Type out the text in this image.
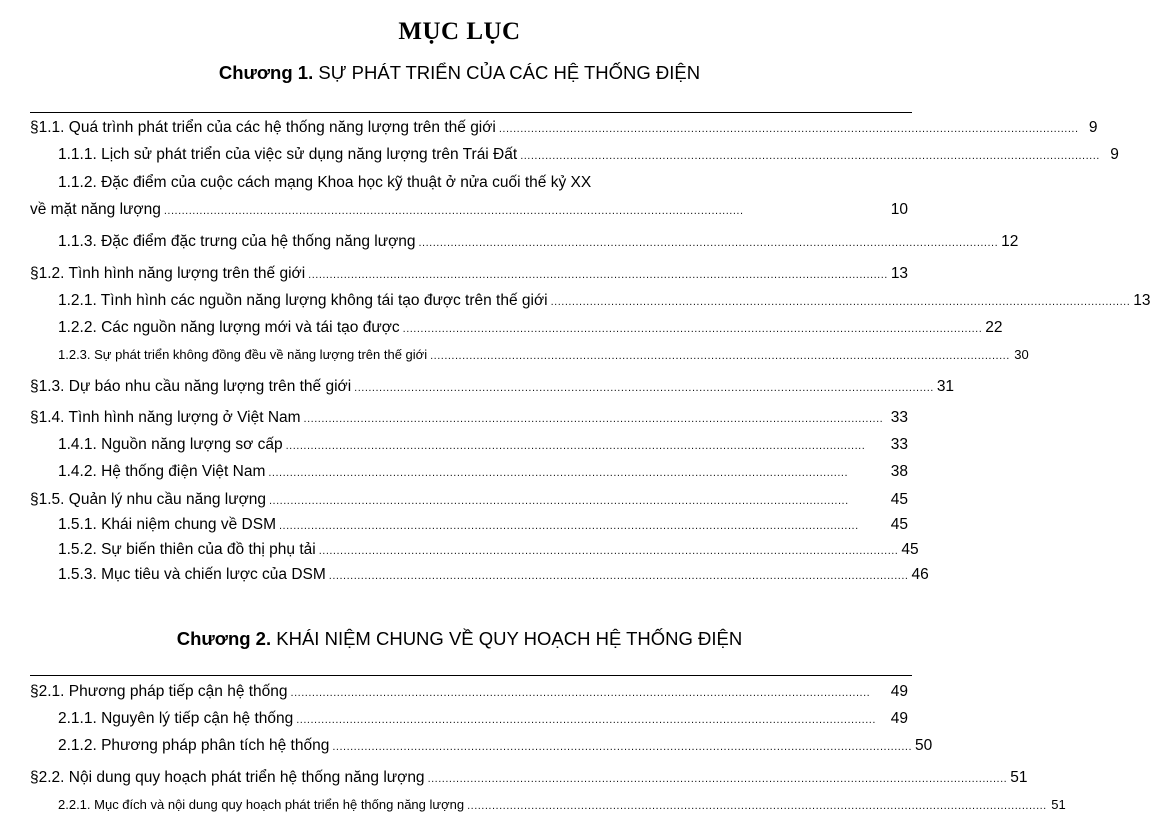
MỤC LỤC
Chương 1. SỰ PHÁT TRIỂN CỦA CÁC HỆ THỐNG ĐIỆN
§1.1. Quá trình phát triển của các hệ thống năng lượng trên thế giới ................................................................................................................................................................... 9
1.1.1. Lịch sử phát triển của việc sử dụng năng lượng trên Trái Đất ................................................................................................................................................................... 9
1.1.2. Đặc điểm của cuộc cách mạng Khoa học kỹ thuật ở nửa cuối thế kỷ XX
về mặt năng lượng ...................................................................................................................................................................	10
1.1.3. Đặc điểm đặc trưng của hệ thống năng lượng ................................................................................................................................................................... 12
§1.2. Tình hình năng lượng trên thế giới ................................................................................................................................................................... 13
1.2.1. Tình hình các nguồn năng lượng không tái tạo được trên thế giới ................................................................................................................................................................... 13
1.2.2. Các nguồn năng lượng mới và tái tạo được ................................................................................................................................................................... 22
1.2.3. Sự phát triển không đồng đều về năng lượng trên thế giới ................................................................................................................................................................... 30
§1.3. Dự báo nhu cầu năng lượng trên thế giới ................................................................................................................................................................... 31
§1.4. Tình hình năng lượng ở Việt Nam ................................................................................................................................................................... 33
1.4.1. Nguồn năng lượng sơ cấp ...................................................................................................................................................................	33
1.4.2. Hệ thống điện Việt Nam ...................................................................................................................................................................	38
§1.5. Quản lý nhu cầu năng lượng ...................................................................................................................................................................	45
1.5.1. Khái niệm chung về DSM ...................................................................................................................................................................	45
1.5.2. Sự biến thiên của đồ thị phụ tải ................................................................................................................................................................... 45
1.5.3. Mục tiêu và chiến lược của DSM ................................................................................................................................................................... 46
Chương 2. KHÁI NIỆM CHUNG VỀ QUY HOẠCH HỆ THỐNG ĐIỆN
§2.1. Phương pháp tiếp cận hệ thống ...................................................................................................................................................................	49
2.1.1. Nguyên lý tiếp cận hệ thống ................................................................................................................................................................... 49
2.1.2. Phương pháp phân tích hệ thống ................................................................................................................................................................... 50
§2.2. Nội dung quy hoạch phát triển hệ thống năng lượng ................................................................................................................................................................... 51
2.2.1. Mục đích và nội dung quy hoạch phát triển hệ thống năng lượng ................................................................................................................................................................... 51
